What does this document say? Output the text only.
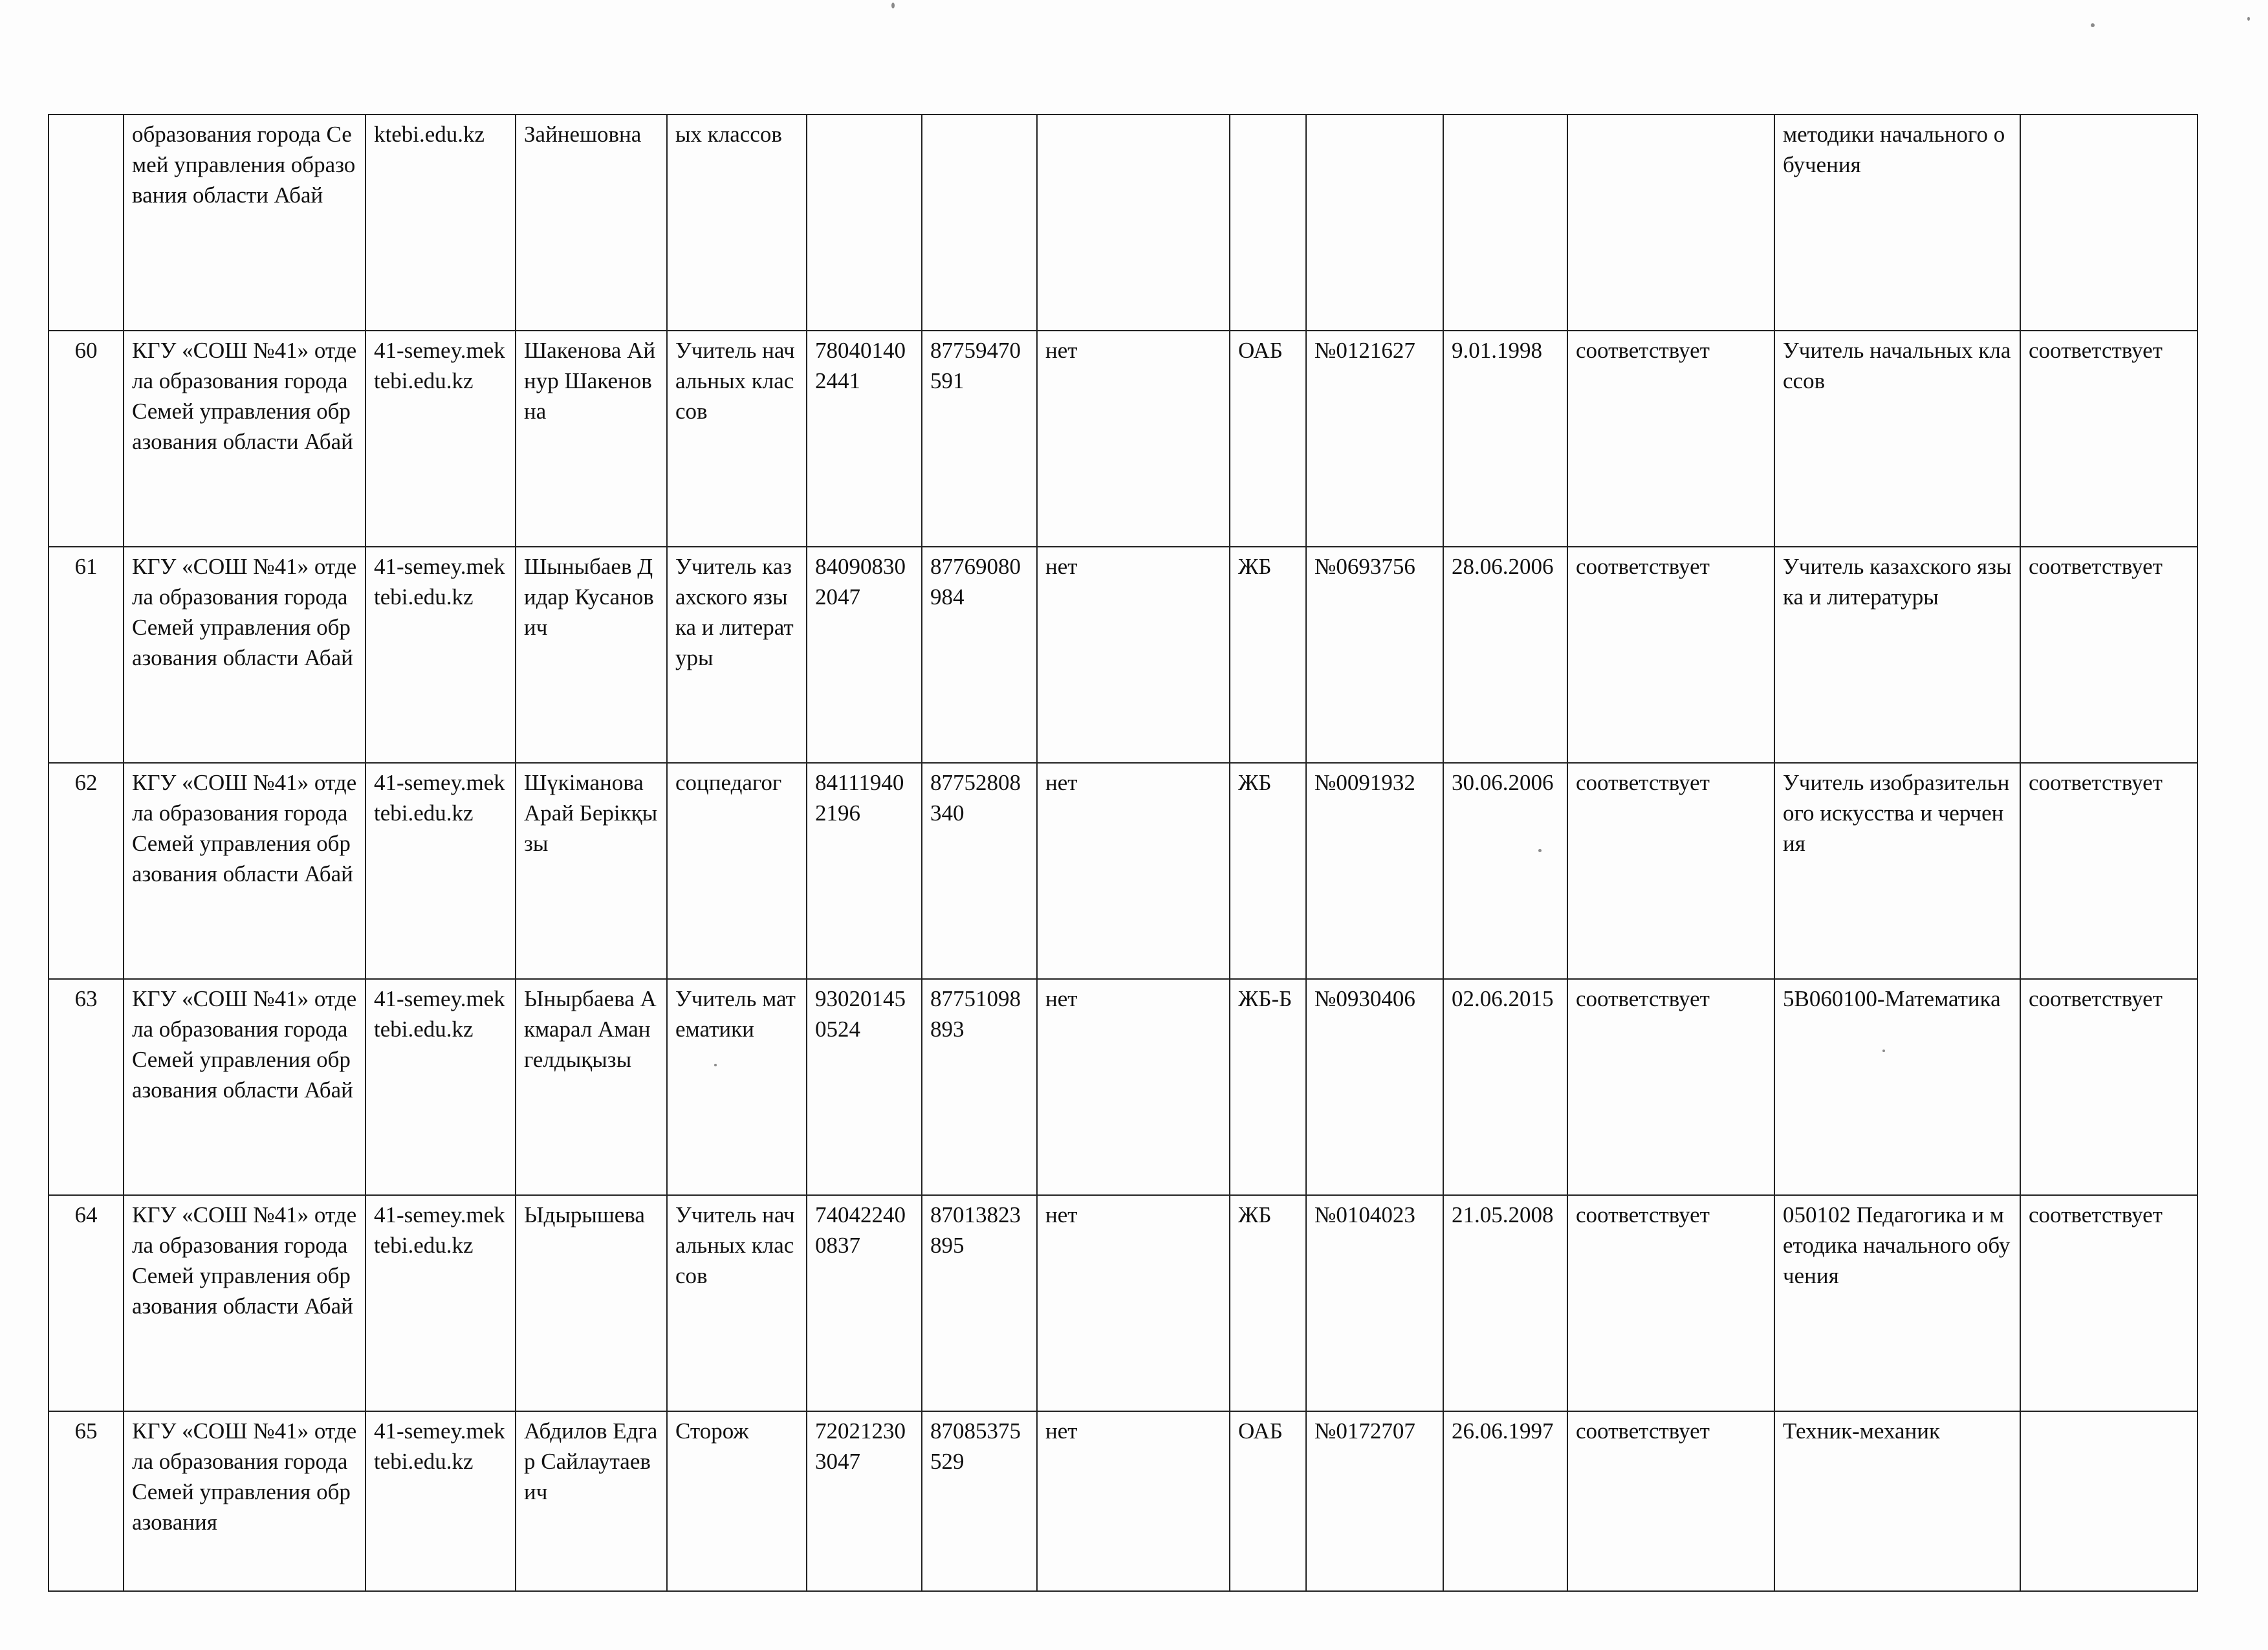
	образования города Семей управления образования области Абай	ktebi.edu.kz	Зайнешовна	ых классов								методики начального обучения	
60	КГУ «СОШ №41» отдела образования города Семей управления образования области Абай	41-semey.mektebi.edu.kz	Шакенова Айнур Шакеновна	Учитель начальных классов	780401402441	87759470591	нет	ОАБ	№0121627	9.01.1998	соответствует	Учитель начальных классов	соответствует
61	КГУ «СОШ №41» отдела образования города Семей управления образования области Абай	41-semey.mektebi.edu.kz	Шыныбаев Дидар Кусанович	Учитель казахского языка и литературы	840908302047	87769080984	нет	ЖБ	№0693756	28.06.2006	соответствует	Учитель казахского языка и литературы	соответствует
62	КГУ «СОШ №41» отдела образования города Семей управления образования области Абай	41-semey.mektebi.edu.kz	Шүкіманова Арай Берікқызы	соцпедагог	841119402196	87752808340	нет	ЖБ	№0091932	30.06.2006	соответствует	Учитель изобразительного искусства и черчения	соответствует
63	КГУ «СОШ №41» отдела образования города Семей управления образования области Абай	41-semey.mektebi.edu.kz	Ынырбаева Акмарал Амангелдықызы	Учитель математики	930201450524	87751098893	нет	ЖБ-Б	№0930406	02.06.2015	соответствует	5B060100-Математика	соответствует
64	КГУ «СОШ №41» отдела образования города Семей управления образования области Абай	41-semey.mektebi.edu.kz	Ыдырышева	Учитель начальных классов	740422400837	87013823895	нет	ЖБ	№0104023	21.05.2008	соответствует	050102 Педагогика и методика начального обучения	соответствует
65	КГУ «СОШ №41» отдела образования города Семей управления образования	41-semey.mektebi.edu.kz	Абдилов Едгар Сайлаутаевич	Сторож	720212303047	87085375529	нет	ОАБ	№0172707	26.06.1997	соответствует	Техник-механик	
